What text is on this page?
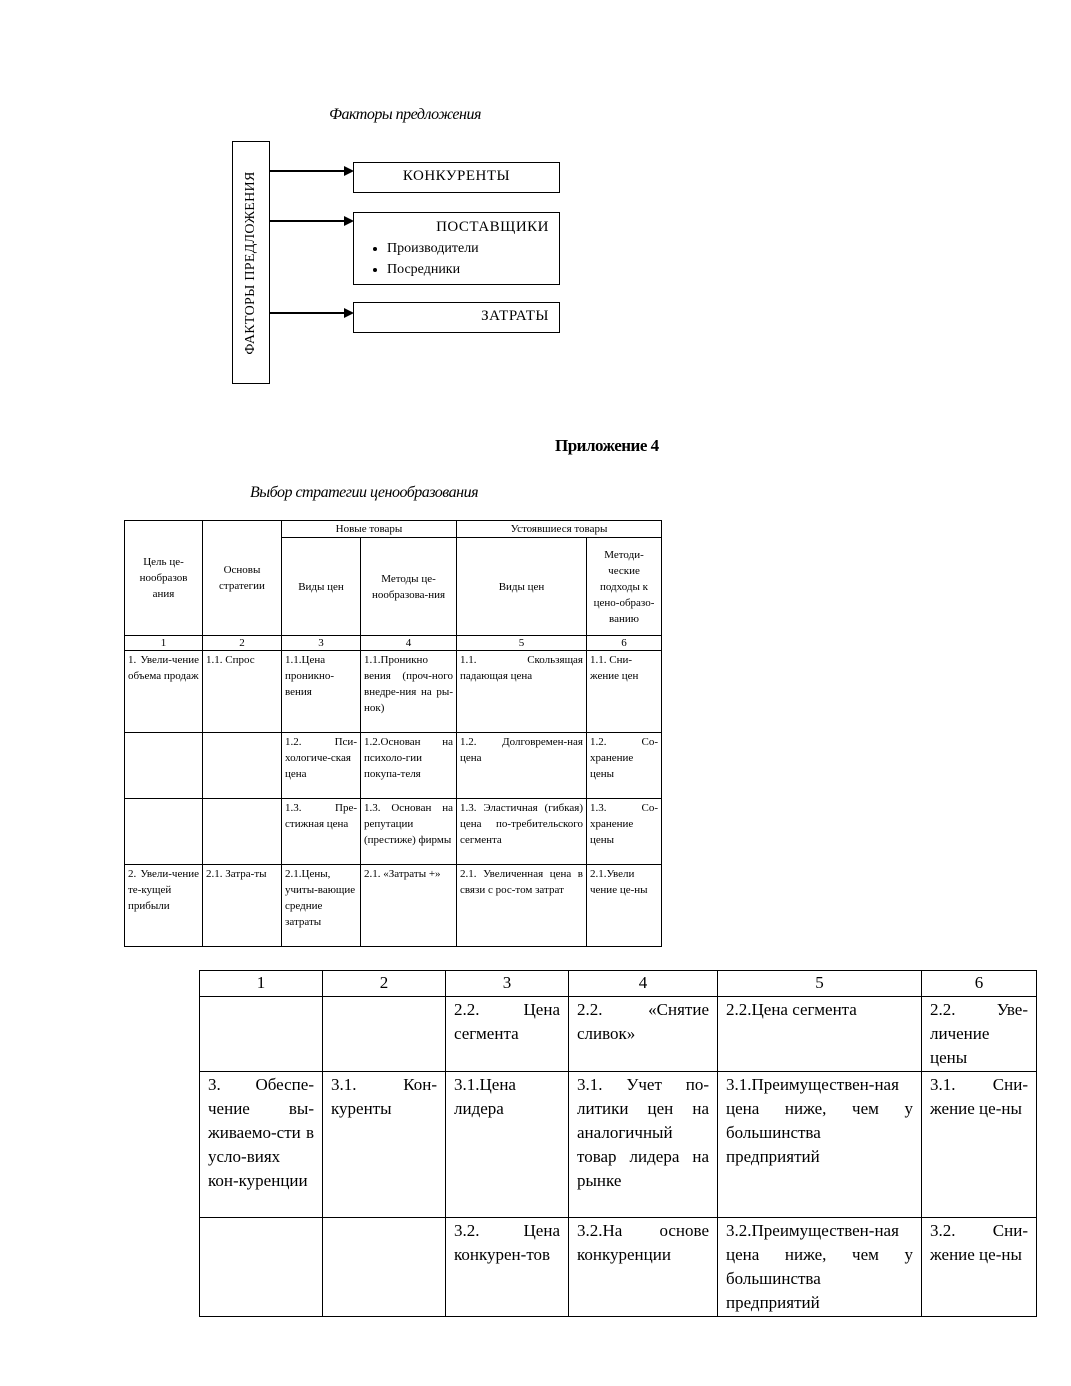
Факторы предложения
ФАКТОРЫ ПРЕДЛОЖЕНИЯ	КОНКУРЕНТЫ
ПОСТАВЩИКИ
• Производители
• Посредники
ЗАТРАТЫ
Приложение 4
Выбор стратегии ценообразования
Цель це-нообразов ания	Основы стратегии	Новые товары		Устоявшиеся товары	
		Виды цен	Методы це-нообразова-ния	Виды цен	Методи-ческие подходы к цено-образо-ванию
1	2	3	4	5	6
1. Увели-чение объема продаж	1.1. Спрос	1.1.Цена проникно-вения	1.1.Проникно вения (проч-ного внедре-ния на ры-нок)	1.1. Скользящая падающая цена	1.1. Сни-жение цен
		1.2. Пси-хологиче-ская цена	1.2.Основан на психоло-гии покупа-теля	1.2. Долговремен-ная цена	1.2. Со-хранение цены
		1.3. Пре-стижная цена	1.3. Основан на репутации (престиже) фирмы	1.3. Эластичная (гибкая) цена по-требительского сегмента	1.3. Со-хранение цены
2. Увели-чение те-кущей прибыли	2.1. Затра-ты	2.1.Цены, учиты-вающие средние затраты	2.1. «Затраты +»	2.1. Увеличенная цена в связи с рос-том затрат	2.1.Увели чение це-ны
1	2	3	4	5	6
		2.2. Цена сегмента	2.2. «Снятие сливок»	2.2.Цена сегмента	2.2. Уве-личение цены
3. Обеспе-чение вы-живаемо-сти в усло-виях кон-куренции	3.1. Кон-куренты	3.1.Цена лидера	3.1. Учет по-литики цен на аналогичный товар лидера на рынке	3.1.Преимуществен-ная цена ниже, чем у большинства предприятий	3.1. Сни-жение це-ны
		3.2. Цена конкурен-тов	3.2.На основе конкуренции	3.2.Преимуществен-ная цена ниже, чем у большинства предприятий	3.2. Сни-жение це-ны
